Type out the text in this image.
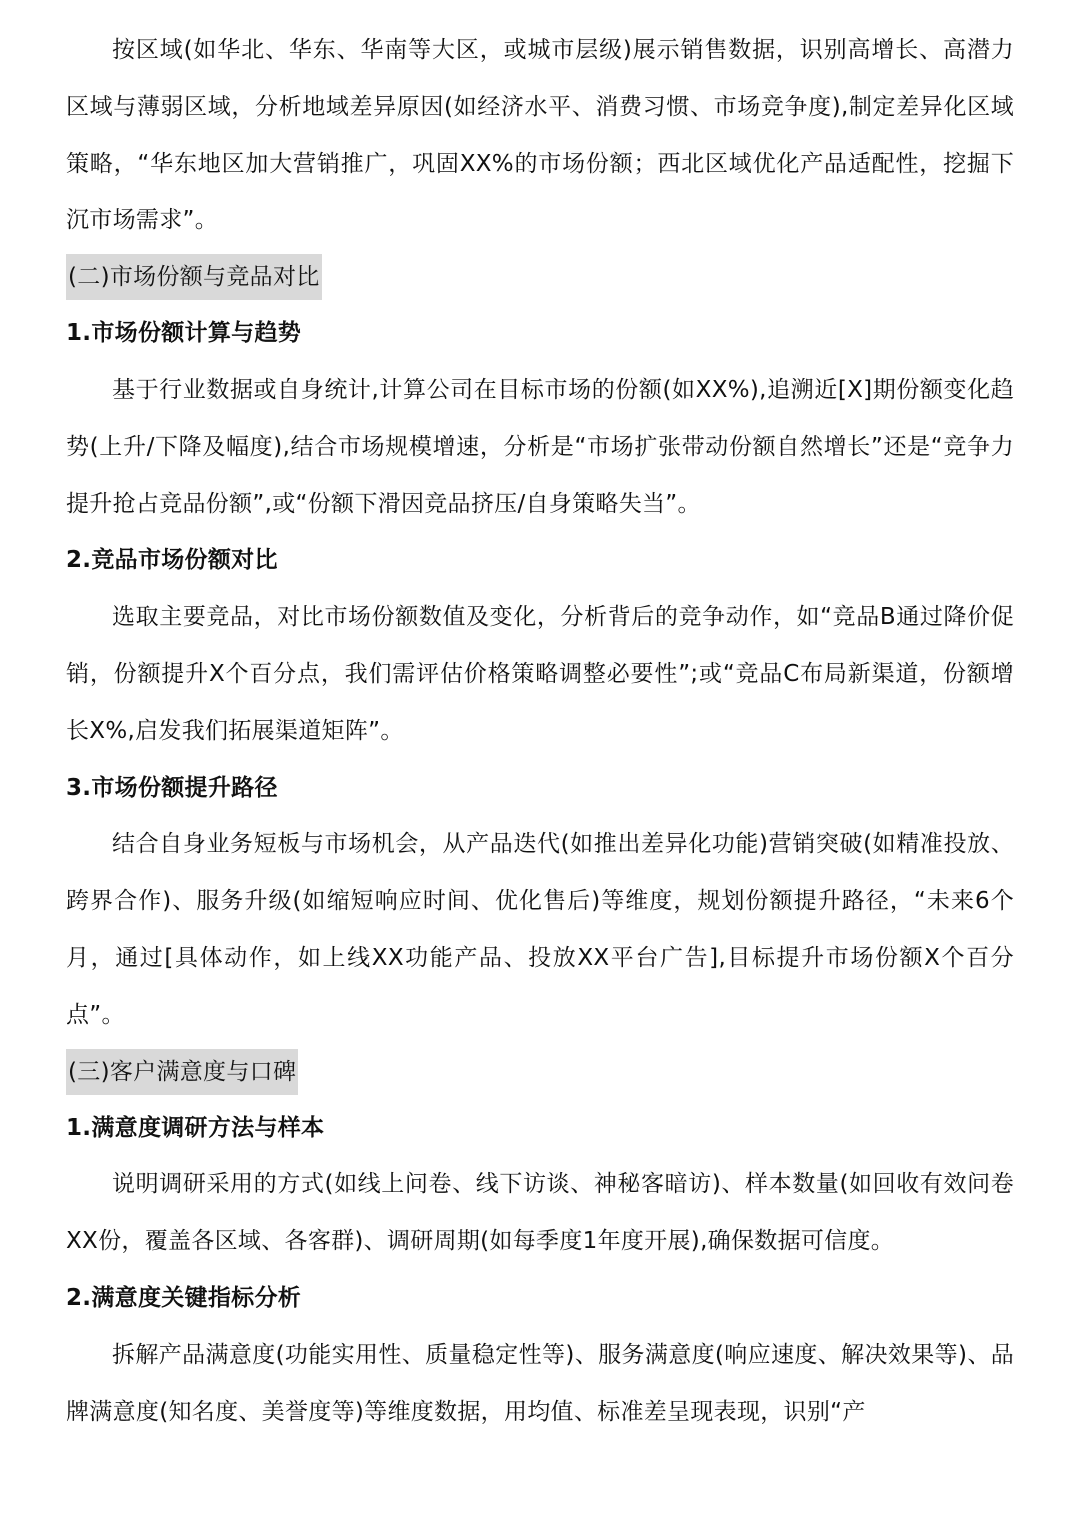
按区域(如华北、华东、华南等大区，或城市层级)展示销售数据，识别高增长、高潜力区域与薄弱区域，分析地域差异原因(如经济水平、消费习惯、市场竞争度),制定差异化区域策略，“华东地区加大营销推广，巩固XX%的市场份额；西北区域优化产品适配性，挖掘下沉市场需求”。

(二)市场份额与竞品对比

1.市场份额计算与趋势

基于行业数据或自身统计,计算公司在目标市场的份额(如XX%),追溯近[X]期份额变化趋势(上升/下降及幅度),结合市场规模增速，分析是“市场扩张带动份额自然增长”还是“竞争力提升抢占竞品份额”,或“份额下滑因竞品挤压/自身策略失当”。

2.竞品市场份额对比

选取主要竞品，对比市场份额数值及变化，分析背后的竞争动作，如“竞品B通过降价促销，份额提升X个百分点，我们需评估价格策略调整必要性”;或“竞品C布局新渠道，份额增长X%,启发我们拓展渠道矩阵”。

3.市场份额提升路径

结合自身业务短板与市场机会，从产品迭代(如推出差异化功能)营销突破(如精准投放、跨界合作)、服务升级(如缩短响应时间、优化售后)等维度，规划份额提升路径，“未来6个月，通过[具体动作，如上线XX功能产品、投放XX平台广告],目标提升市场份额X个百分点”。

(三)客户满意度与口碑

1.满意度调研方法与样本

说明调研采用的方式(如线上问卷、线下访谈、神秘客暗访)、样本数量(如回收有效问卷XX份，覆盖各区域、各客群)、调研周期(如每季度1年度开展),确保数据可信度。

2.满意度关键指标分析

拆解产品满意度(功能实用性、质量稳定性等)、服务满意度(响应速度、解决效果等)、品牌满意度(知名度、美誉度等)等维度数据，用均值、标准差呈现表现，识别“产
